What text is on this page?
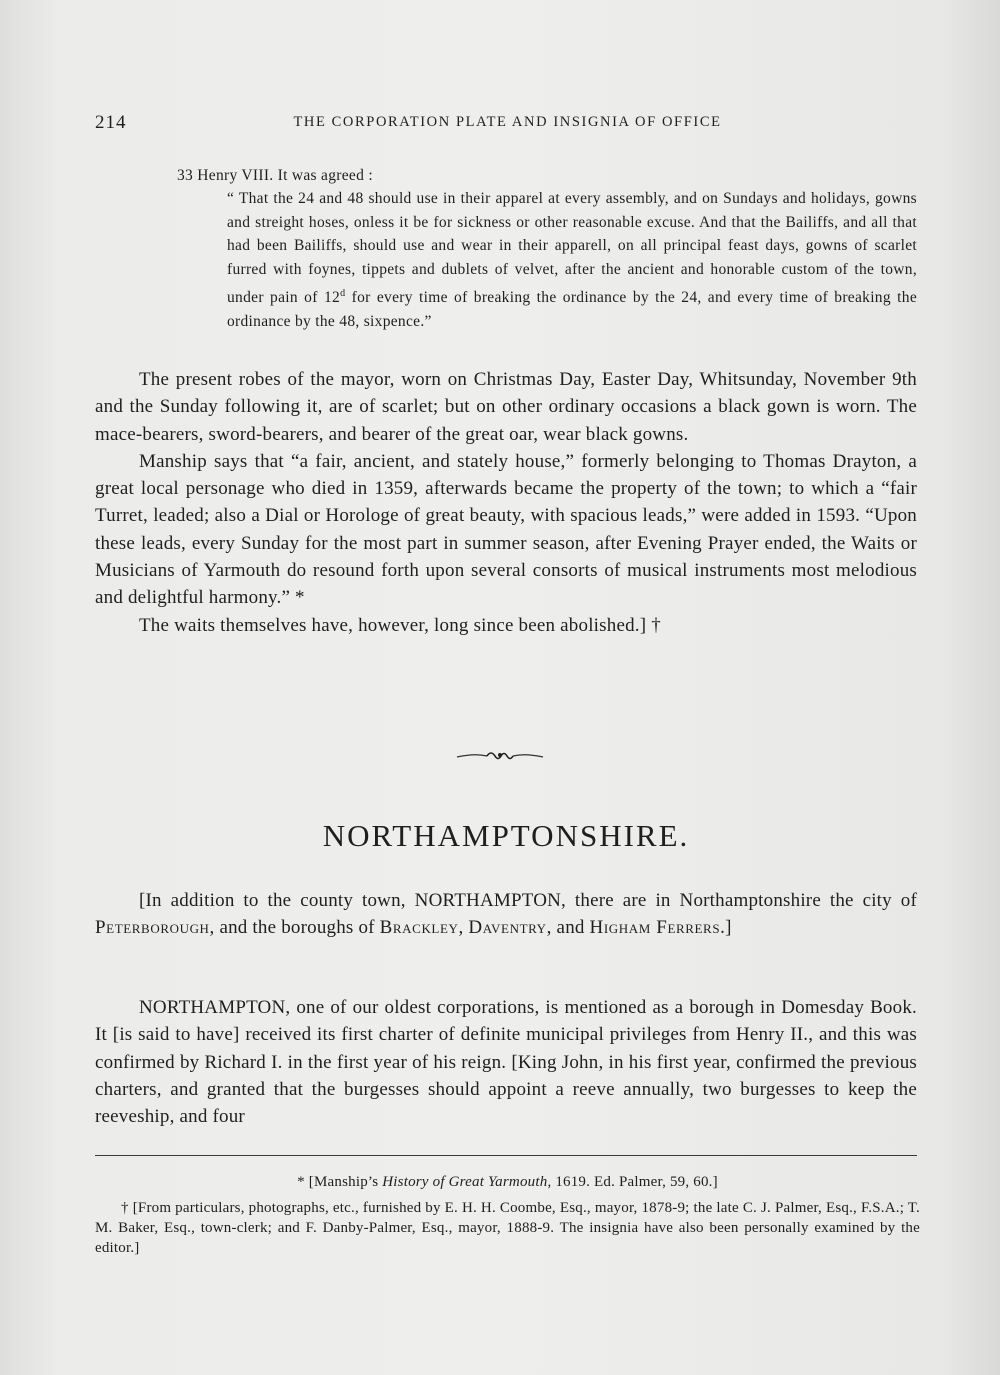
214	THE CORPORATION PLATE AND INSIGNIA OF OFFICE

33 Henry VIII. It was agreed :

“ That the 24 and 48 should use in their apparel at every assembly, and on Sundays and holidays, gowns and streight hoses, onless it be for sickness or other reasonable excuse. And that the Bailiffs, and all that had been Bailiffs, should use and wear in their apparell, on all principal feast days, gowns of scarlet furred with foynes, tippets and dublets of velvet, after the ancient and honorable custom of the town, under pain of 12$^d$ for every time of breaking the ordinance by the 24, and every time of breaking the ordinance by the 48, sixpence.”

The present robes of the mayor, worn on Christmas Day, Easter Day, Whitsunday, November 9th and the Sunday following it, are of scarlet; but on other ordinary occasions a black gown is worn. The mace-bearers, sword-bearers, and bearer of the great oar, wear black gowns.

Manship says that “a fair, ancient, and stately house,” formerly belonging to Thomas Drayton, a great local personage who died in 1359, afterwards became the property of the town; to which a “fair Turret, leaded; also a Dial or Horologe of great beauty, with spacious leads,” were added in 1593. “Upon these leads, every Sunday for the most part in summer season, after Evening Prayer ended, the Waits or Musicians of Yarmouth do resound forth upon several consorts of musical instruments most melodious and delightful harmony.” *

The waits themselves have, however, long since been abolished.] †

NORTHAMPTONSHIRE.

[In addition to the county town, NORTHAMPTON, there are in Northamptonshire the city of Peterborough, and the boroughs of Brackley, Daventry, and Higham Ferrers.]

NORTHAMPTON, one of our oldest corporations, is mentioned as a borough in Domesday Book. It [is said to have] received its first charter of definite municipal privileges from Henry II., and this was confirmed by Richard I. in the first year of his reign. [King John, in his first year, confirmed the previous charters, and granted that the burgesses should appoint a reeve annually, two burgesses to keep the reeveship, and four

* [Manship’s History of Great Yarmouth, 1619. Ed. Palmer, 59, 60.]

† [From particulars, photographs, etc., furnished by E. H. H. Coombe, Esq., mayor, 1878-9; the late C. J. Palmer, Esq., F.S.A.; T. M. Baker, Esq., town-clerk; and F. Danby-Palmer, Esq., mayor, 1888-9. The insignia have also been personally examined by the editor.]
